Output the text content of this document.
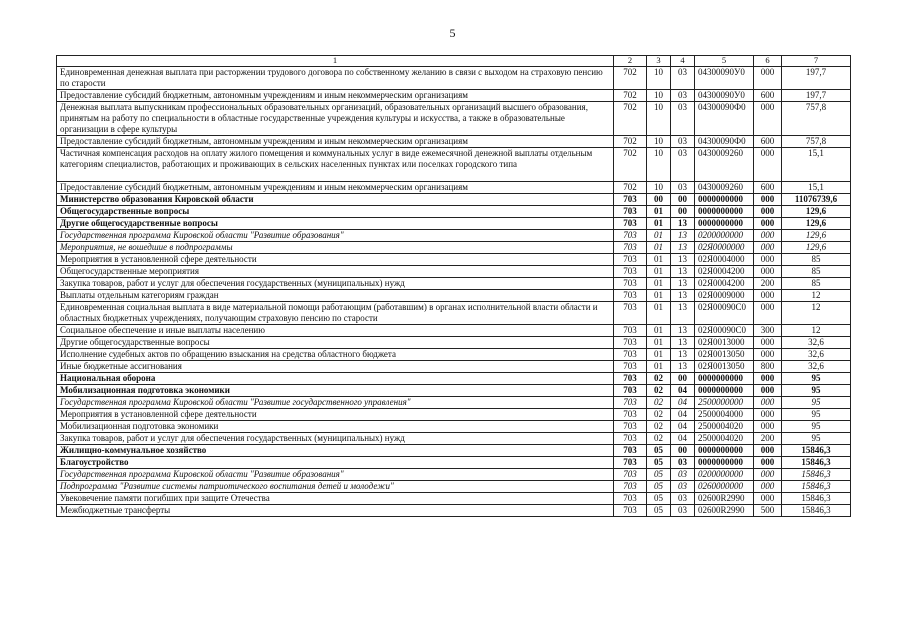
5
1	2	3	4	5	6	7
Единовременная денежная выплата при расторжении трудового договора по собственному желанию в связи с выходом на страховую пенсию по старости	702	10	03	04300090У0	000	197,7
Предоставление субсидий бюджетным, автономным учреждениям и иным некоммерческим организациям	702	10	03	04300090У0	600	197,7
Денежная выплата выпускникам профессиональных образовательных организаций, образовательных организаций высшего образования, принятым на работу по специальности в областные государственные учреждения культуры и искусства, а также в образовательные организации в сфере культуры	702	10	03	04300090Ф0	000	757,8
Предоставление субсидий бюджетным, автономным учреждениям и иным некоммерческим организациям	702	10	03	04300090Ф0	600	757,8
Частичная компенсация расходов на оплату жилого помещения и коммунальных услуг в виде ежемесячной денежной выплаты отдельным категориям специалистов, работающих и проживающих в сельских населенных пунктах или поселках городского типа	702	10	03	0430009260	000	15,1
Предоставление субсидий бюджетным, автономным учреждениям и иным некоммерческим организациям	702	10	03	0430009260	600	15,1
Министерство образования Кировской области	703	00	00	0000000000	000	11076739,6
Общегосударственные вопросы	703	01	00	0000000000	000	129,6
Другие общегосударственные вопросы	703	01	13	0000000000	000	129,6
Государственная программа Кировской области "Развитие образования"	703	01	13	0200000000	000	129,6
Мероприятия, не вошедшие в подпрограммы	703	01	13	02Я0000000	000	129,6
Мероприятия в установленной сфере деятельности	703	01	13	02Я0004000	000	85
Общегосударственные мероприятия	703	01	13	02Я0004200	000	85
Закупка товаров, работ и услуг для обеспечения государственных (муниципальных) нужд	703	01	13	02Я0004200	200	85
Выплаты отдельным категориям граждан	703	01	13	02Я0009000	000	12
Единовременная социальная выплата в виде материальной помощи работающим (работавшим) в органах исполнительной власти области и областных бюджетных учреждениях, получающим страховую пенсию по старости	703	01	13	02Я00090С0	000	12
Социальное обеспечение и иные выплаты населению	703	01	13	02Я00090С0	300	12
Другие общегосударственные вопросы	703	01	13	02Я0013000	000	32,6
Исполнение судебных актов по обращению взыскания на средства областного бюджета	703	01	13	02Я0013050	000	32,6
Иные бюджетные ассигнования	703	01	13	02Я0013050	800	32,6
Национальная оборона	703	02	00	0000000000	000	95
Мобилизационная подготовка экономики	703	02	04	0000000000	000	95
Государственная программа Кировской области "Развитие государственного управления"	703	02	04	2500000000	000	95
Мероприятия в установленной сфере деятельности	703	02	04	2500004000	000	95
Мобилизационная подготовка экономики	703	02	04	2500004020	000	95
Закупка товаров, работ и услуг для обеспечения государственных (муниципальных) нужд	703	02	04	2500004020	200	95
Жилищно-коммунальное хозяйство	703	05	00	0000000000	000	15846,3
Благоустройство	703	05	03	0000000000	000	15846,3
Государственная программа Кировской области "Развитие образования"	703	05	03	0200000000	000	15846,3
Подпрограмма "Развитие системы патриотического воспитания детей и молодежи"	703	05	03	0260000000	000	15846,3
Увековечение памяти погибших при защите Отечества	703	05	03	02600R2990	000	15846,3
Межбюджетные трансферты	703	05	03	02600R2990	500	15846,3
